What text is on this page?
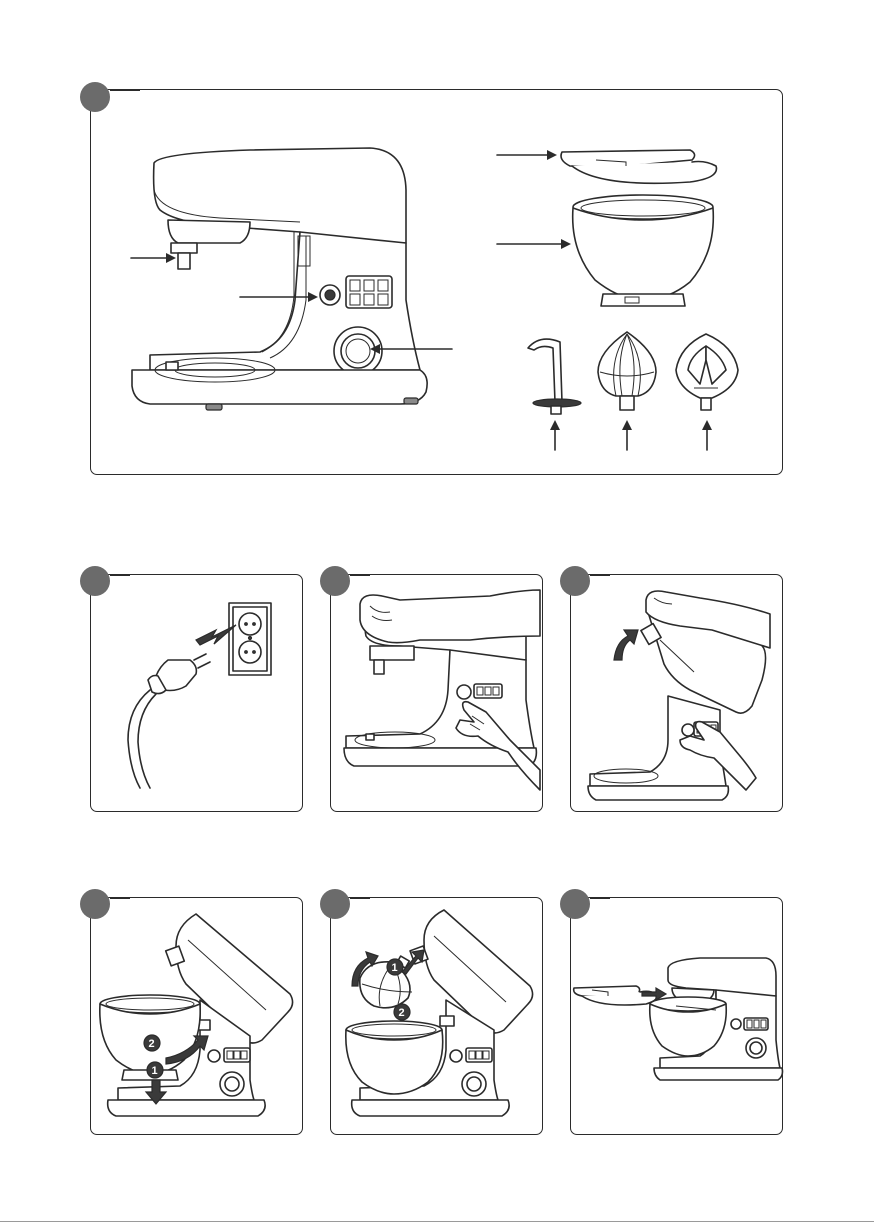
2
1
1
2
